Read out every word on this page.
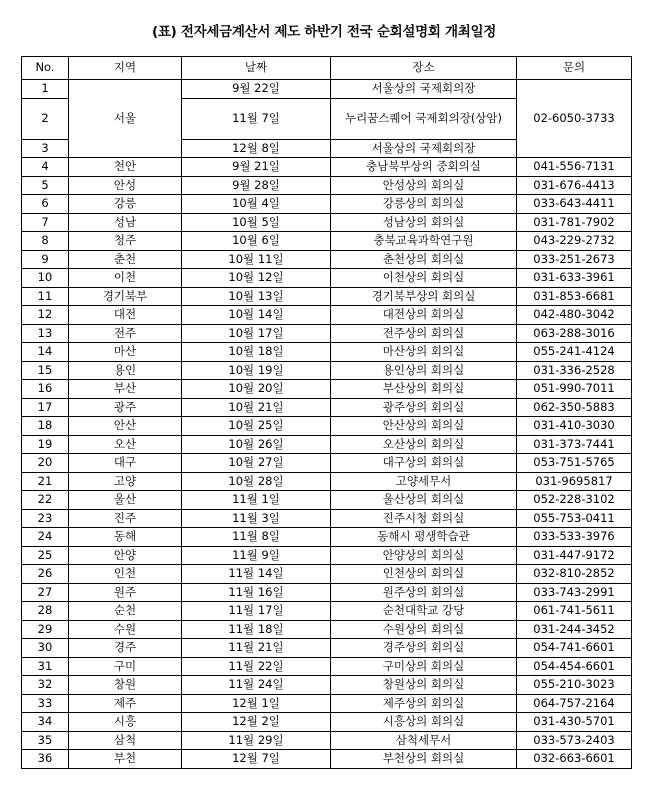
(표) 전자세금계산서 제도 하반기 전국 순회설명회 개최일정
No.	지역	날짜	장소	문의
1	서울	9월 22일	서울상의 국제회의장	02-6050-3733
2		11월 7일	누리꿈스퀘어 국제회의장(상암)	
3		12월 8일	서울상의 국제회의장	
4	천안	9월 21일	충남북부상의 중회의실	041-556-7131
5	안성	9월 28일	안성상의 회의실	031-676-4413
6	강릉	10월 4일	강릉상의 회의실	033-643-4411
7	성남	10월 5일	성남상의 회의실	031-781-7902
8	청주	10월 6일	충북교육과학연구원	043-229-2732
9	춘천	10월 11일	춘천상의 회의실	033-251-2673
10	이천	10월 12일	이천상의 회의실	031-633-3961
11	경기북부	10월 13일	경기북부상의 회의실	031-853-6681
12	대전	10월 14일	대전상의 회의실	042-480-3042
13	전주	10월 17일	전주상의 회의실	063-288-3016
14	마산	10월 18일	마산상의 회의실	055-241-4124
15	용인	10월 19일	용인상의 회의실	031-336-2528
16	부산	10월 20일	부산상의 회의실	051-990-7011
17	광주	10월 21일	광주상의 회의실	062-350-5883
18	안산	10월 25일	안산상의 회의실	031-410-3030
19	오산	10월 26일	오산상의 회의실	031-373-7441
20	대구	10월 27일	대구상의 회의실	053-751-5765
21	고양	10월 28일	고양세무서	031-9695817
22	울산	11월 1일	울산상의 회의실	052-228-3102
23	진주	11월 3일	진주시청 회의실	055-753-0411
24	동해	11월 8일	동해시 평생학습관	033-533-3976
25	안양	11월 9일	안양상의 회의실	031-447-9172
26	인천	11월 14일	인천상의 회의실	032-810-2852
27	원주	11월 16일	원주상의 회의실	033-743-2991
28	순천	11월 17일	순천대학교 강당	061-741-5611
29	수원	11월 18일	수원상의 회의실	031-244-3452
30	경주	11월 21일	경주상의 회의실	054-741-6601
31	구미	11월 22일	구미상의 회의실	054-454-6601
32	창원	11월 24일	창원상의 회의실	055-210-3023
33	제주	12월 1일	제주상의 회의실	064-757-2164
34	시흥	12월 2일	시흥상의 회의실	031-430-5701
35	삼척	11월 29일	삼척세무서	033-573-2403
36	부천	12월 7일	부천상의 회의실	032-663-6601
